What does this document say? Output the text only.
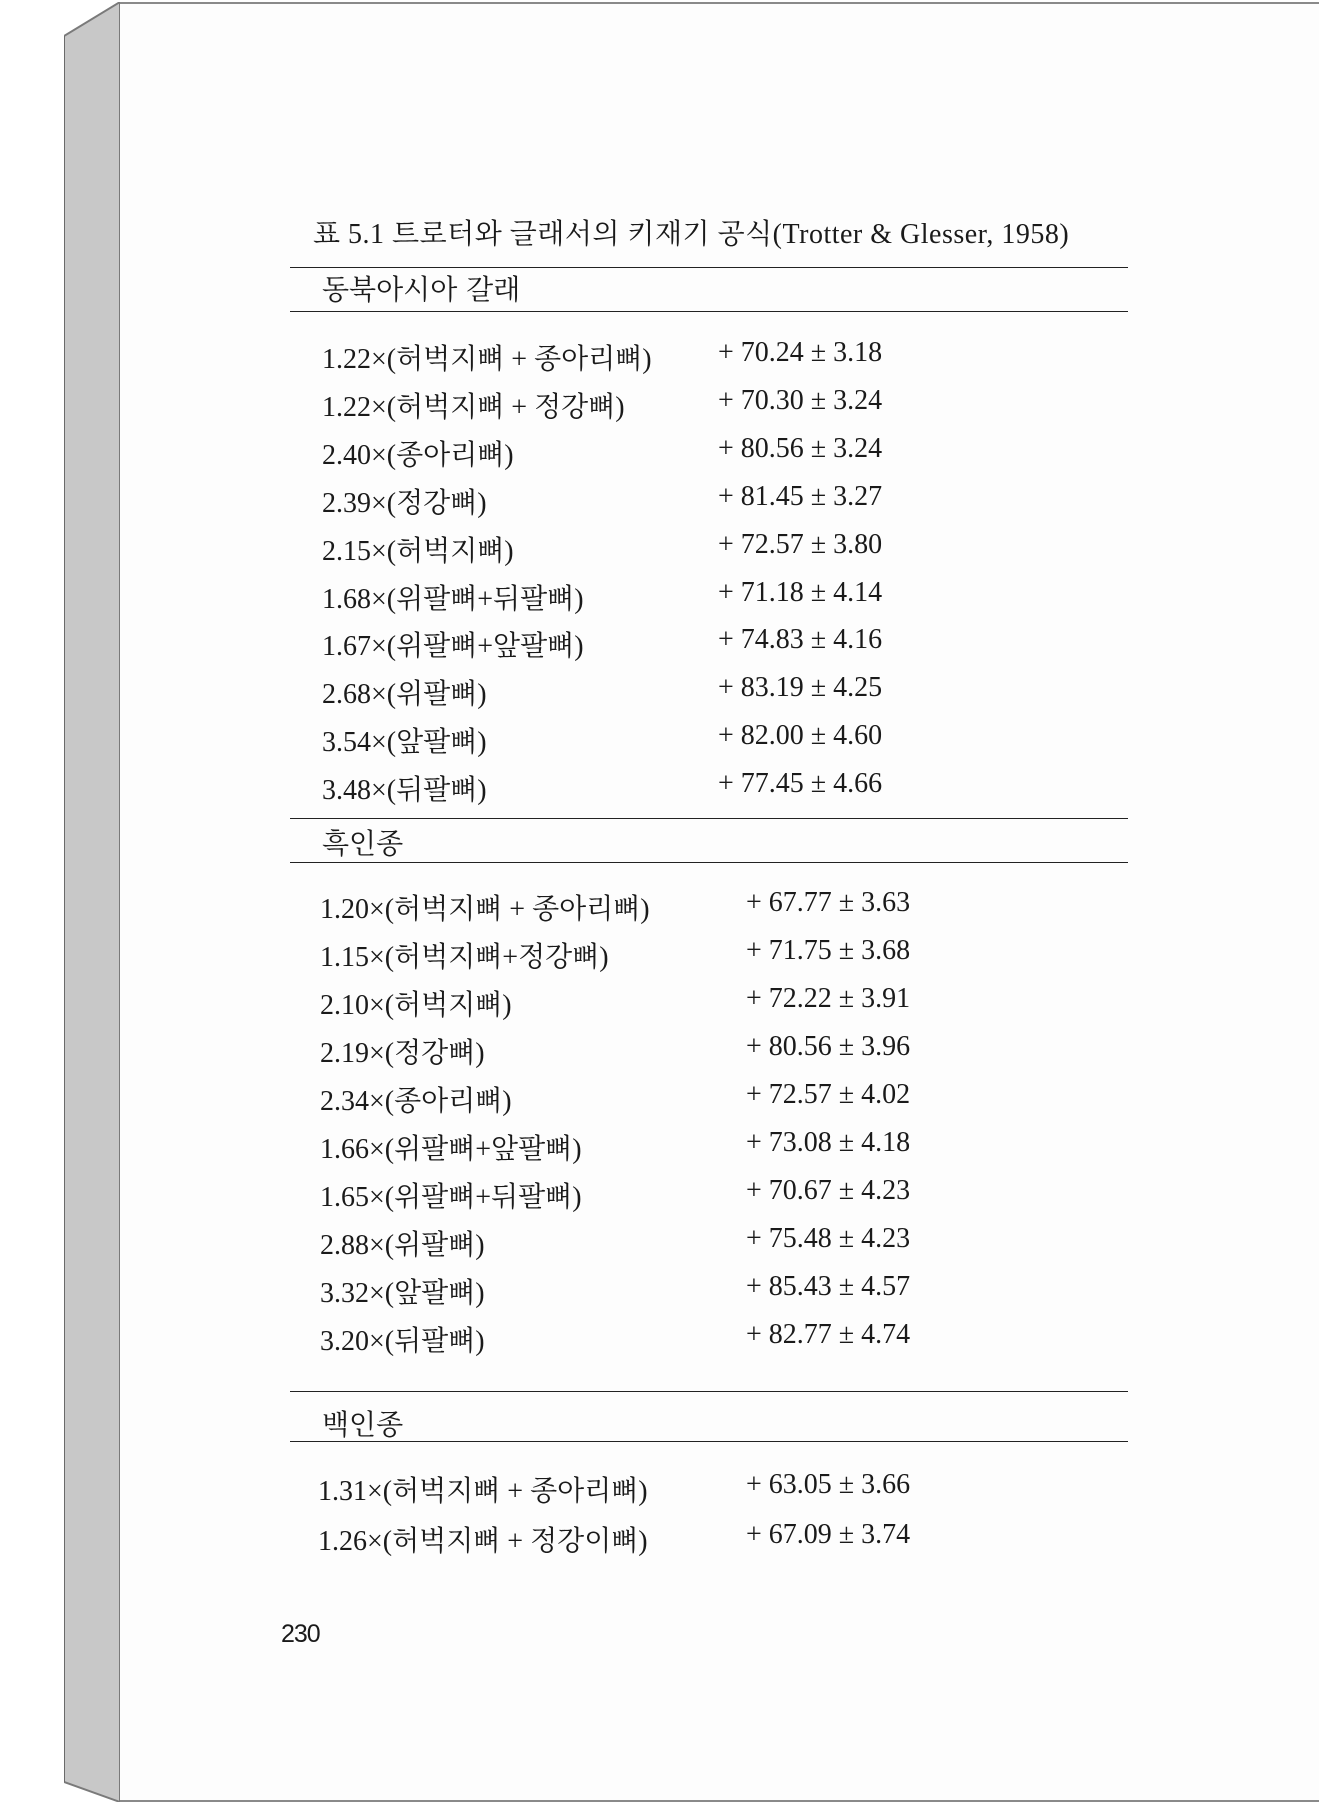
표 5.1 트로터와 글래서의 키재기 공식(Trotter & Glesser, 1958)
동북아시아 갈래
1.22×(허벅지뼈 + 종아리뼈) + 70.24 ± 3.18
1.22×(허벅지뼈 + 정강뼈)	+ 70.30 ± 3.24
2.40×(종아리뼈)	+ 80.56 ± 3.24
2.39×(정강뼈)	+ 81.45 ± 3.27
2.15×(허벅지뼈)	+ 72.57 ± 3.80
1.68×(위팔뼈+뒤팔뼈)	+ 71.18 ± 4.14
1.67×(위팔뼈+앞팔뼈)	+ 74.83 ± 4.16
2.68×(위팔뼈)	+ 83.19 ± 4.25
3.54×(앞팔뼈)	+ 82.00 ± 4.60
3.48×(뒤팔뼈)	+ 77.45 ± 4.66
흑인종
1.20×(허벅지뼈 + 종아리뼈)	+ 67.77 ± 3.63
1.15×(허벅지뼈+정강뼈)	+ 71.75 ± 3.68
2.10×(허벅지뼈)	+ 72.22 ± 3.91
2.19×(정강뼈)	+ 80.56 ± 3.96
2.34×(종아리뼈)	+ 72.57 ± 4.02
1.66×(위팔뼈+앞팔뼈)	+ 73.08 ± 4.18
1.65×(위팔뼈+뒤팔뼈)	+ 70.67 ± 4.23
2.88×(위팔뼈)	+ 75.48 ± 4.23
3.32×(앞팔뼈)	+ 85.43 ± 4.57
3.20×(뒤팔뼈)	+ 82.77 ± 4.74
백인종
1.31×(허벅지뼈 + 종아리뼈)	+ 63.05 ± 3.66
1.26×(허벅지뼈 + 정강이뼈)	+ 67.09 ± 3.74
230
